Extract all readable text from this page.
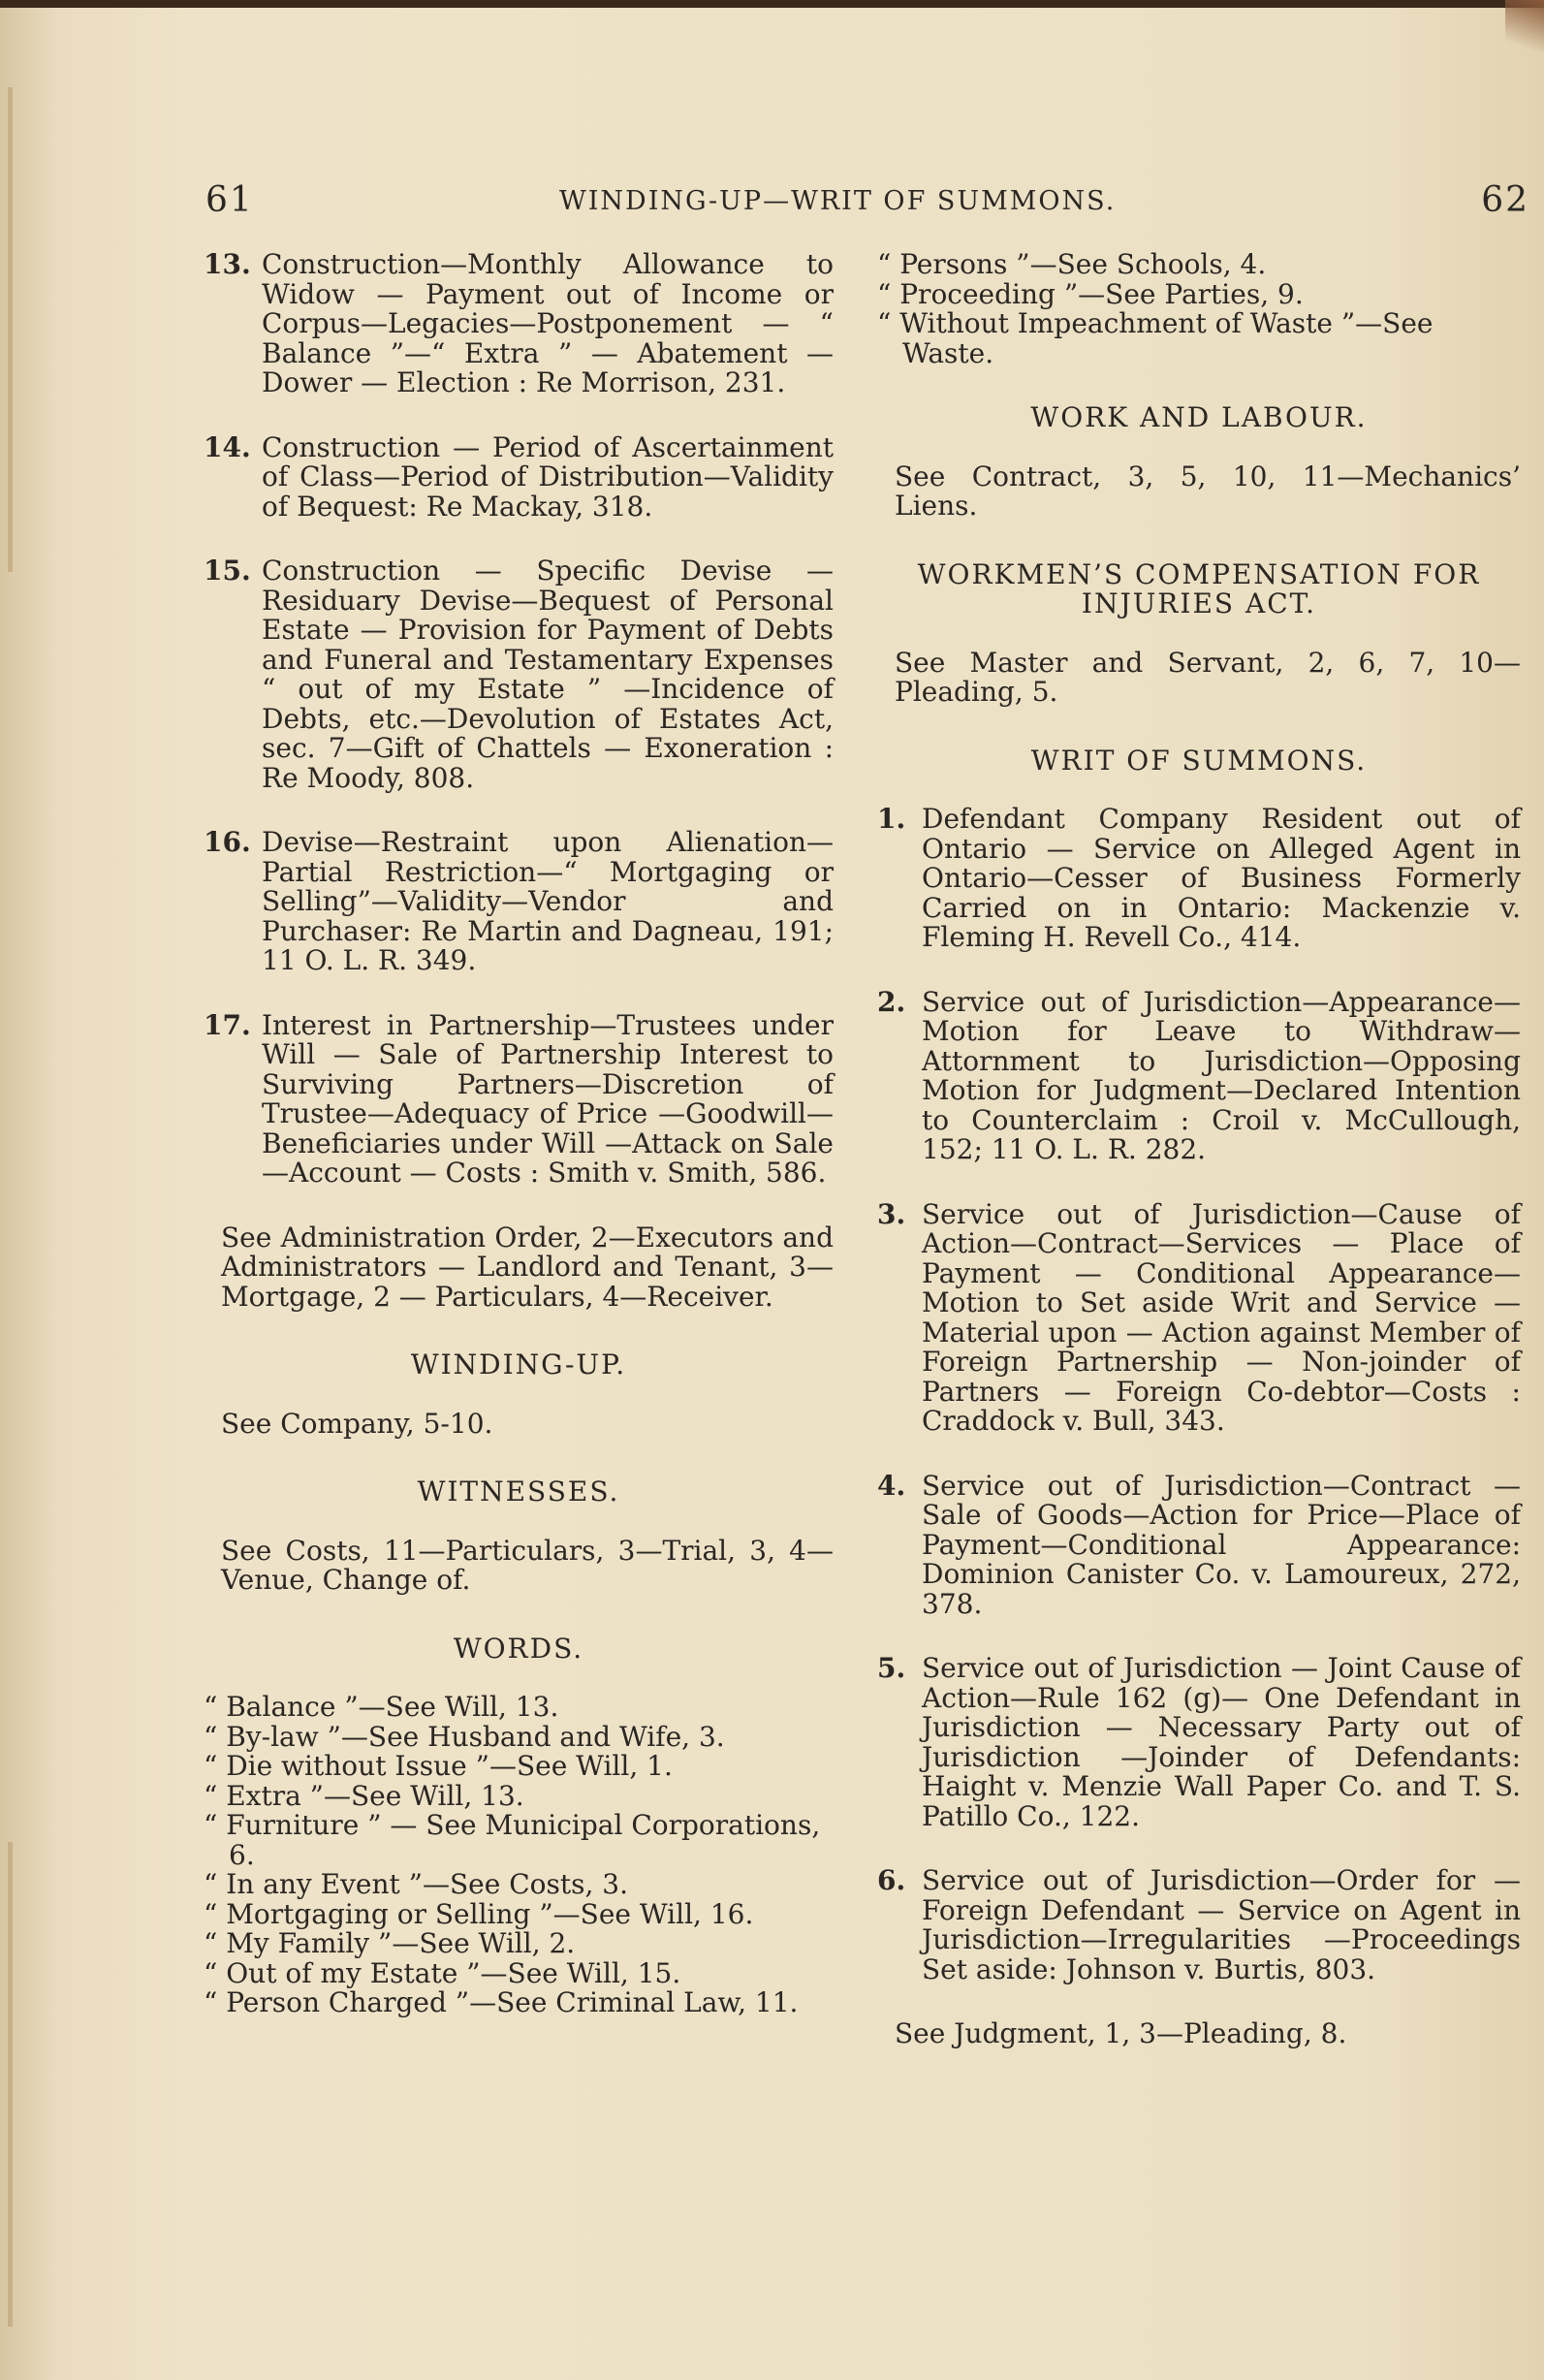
61	WINDING-UP—WRIT OF SUMMONS.	62
13. Construction—Monthly Allowance to Widow — Payment out of Income or Corpus—Legacies—Postponement — “ Balance ”—“ Extra ” — Abatement — Dower — Election : Re Morrison, 231.
14. Construction — Period of Ascertainment of Class—Period of Distribution—Validity of Bequest: Re Mackay, 318.
15. Construction — Specific Devise — Residuary Devise—Bequest of Personal Estate — Provision for Payment of Debts and Funeral and Testamentary Expenses “ out of my Estate ” —Incidence of Debts, etc.—Devolution of Estates Act, sec. 7—Gift of Chattels — Exoneration : Re Moody, 808.
16. Devise—Restraint upon Alienation—Partial Restriction—“ Mortgaging or Selling”—Validity—Vendor and Purchaser: Re Martin and Dagneau, 191; 11 O. L. R. 349.
17. Interest in Partnership—Trustees under Will — Sale of Partnership Interest to Surviving Partners—Discretion of Trustee—Adequacy of Price —Goodwill—Beneficiaries under Will —Attack on Sale—Account — Costs : Smith v. Smith, 586.

See Administration Order, 2—Executors and Administrators — Landlord and Tenant, 3—Mortgage, 2 — Particulars, 4—Receiver.

WINDING-UP.

See Company, 5-10.

WITNESSES.

See Costs, 11—Particulars, 3—Trial, 3, 4—Venue, Change of.

WORDS.
“ Balance ”—See Will, 13.
“ By-law ”—See Husband and Wife, 3.
“ Die without Issue ”—See Will, 1.
“ Extra ”—See Will, 13.
“ Furniture ” — See Municipal Corporations, 6.
“ In any Event ”—See Costs, 3.
“ Mortgaging or Selling ”—See Will, 16.
“ My Family ”—See Will, 2.
“ Out of my Estate ”—See Will, 15.
“ Person Charged ”—See Criminal Law, 11.
“ Persons ”—See Schools, 4.
“ Proceeding ”—See Parties, 9.
“ Without Impeachment of Waste ”—See Waste.
WORK AND LABOUR.

See Contract, 3, 5, 10, 11—Mechanics’ Liens.

WORKMEN’S COMPENSATION FOR INJURIES ACT.

See Master and Servant, 2, 6, 7, 10—Pleading, 5.

WRIT OF SUMMONS.
1. Defendant Company Resident out of Ontario — Service on Alleged Agent in Ontario—Cesser of Business Formerly Carried on in Ontario: Mackenzie v. Fleming H. Revell Co., 414.
2. Service out of Jurisdiction—Appearance—Motion for Leave to Withdraw—Attornment to Jurisdiction—Opposing Motion for Judgment—Declared Intention to Counterclaim : Croil v. McCullough, 152; 11 O. L. R. 282.
3. Service out of Jurisdiction—Cause of Action—Contract—Services — Place of Payment — Conditional Appearance—Motion to Set aside Writ and Service — Material upon — Action against Member of Foreign Partnership — Non-joinder of Partners — Foreign Co-debtor—Costs : Craddock v. Bull, 343.
4. Service out of Jurisdiction—Contract —Sale of Goods—Action for Price—Place of Payment—Conditional Appearance: Dominion Canister Co. v. Lamoureux, 272, 378.
5. Service out of Jurisdiction — Joint Cause of Action—Rule 162 (g)— One Defendant in Jurisdiction — Necessary Party out of Jurisdiction —Joinder of Defendants: Haight v. Menzie Wall Paper Co. and T. S. Patillo Co., 122.
6. Service out of Jurisdiction—Order for — Foreign Defendant — Service on Agent in Jurisdiction—Irregularities —Proceedings Set aside: Johnson v. Burtis, 803.

See Judgment, 1, 3—Pleading, 8.
